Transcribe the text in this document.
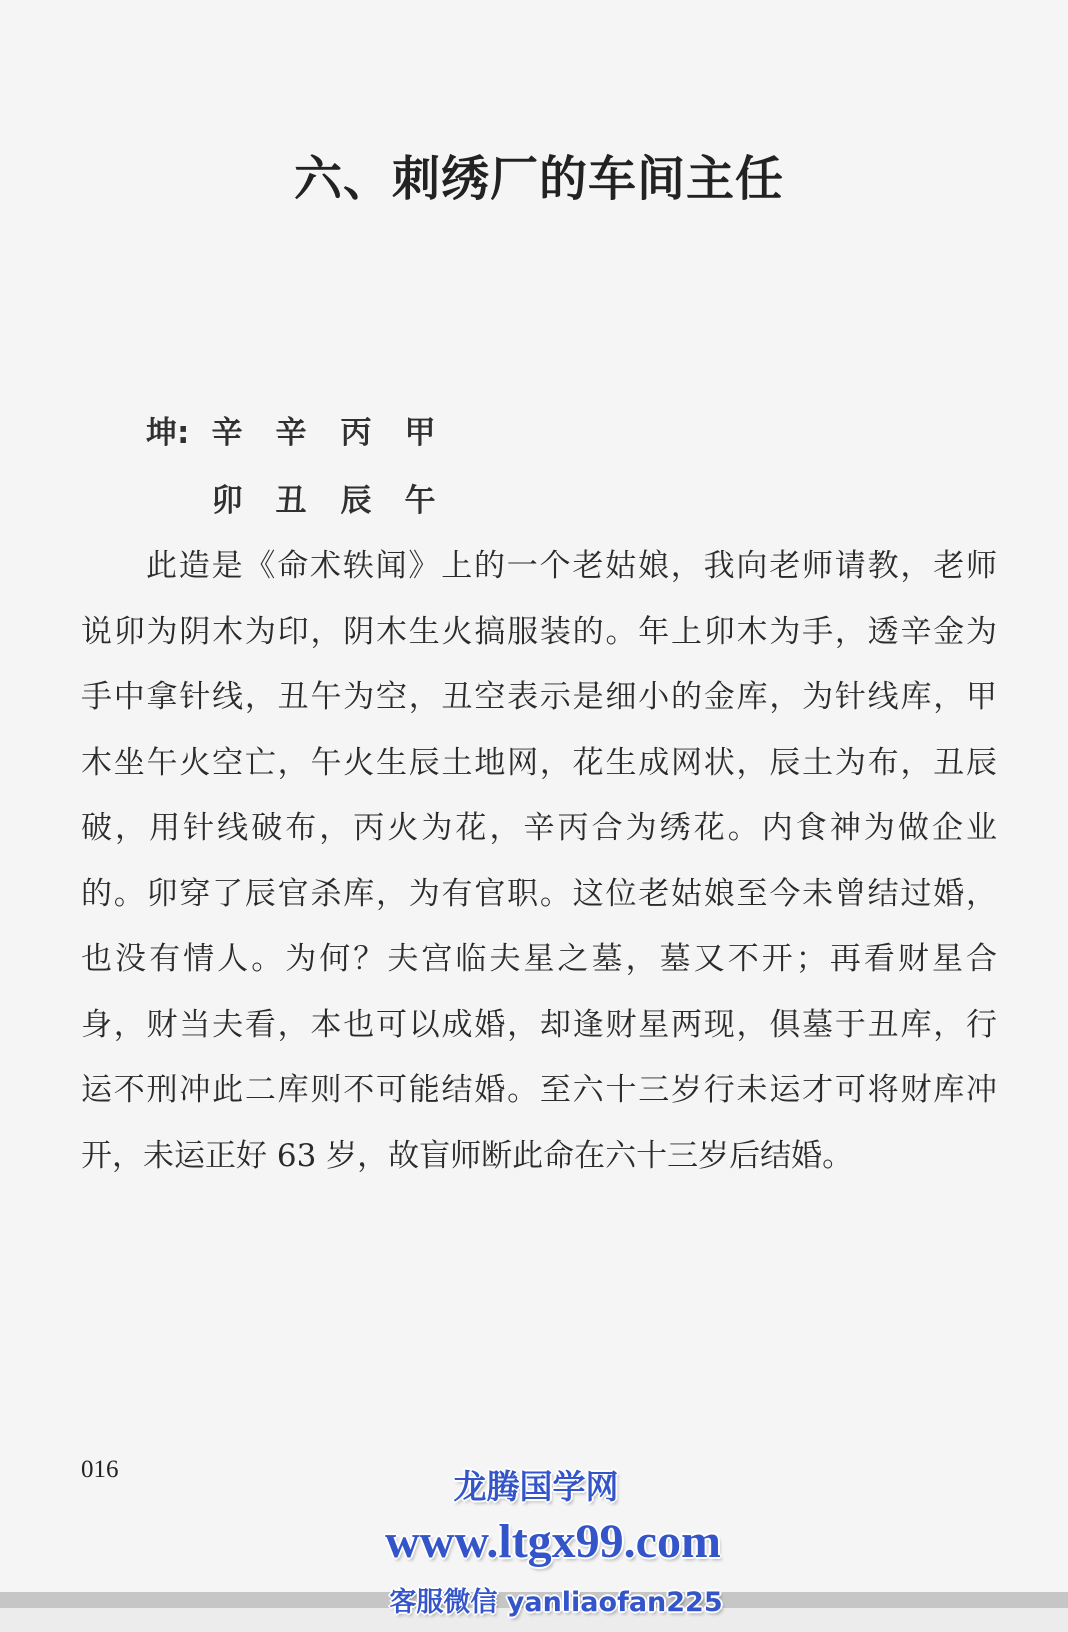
六、刺绣厂的车间主任
坤: 辛 辛 丙 甲
卯 丑 辰 午
此造是《命术轶闻》上的一个老姑娘，我向老师请教，老师
说卯为阴木为印，阴木生火搞服装的。年上卯木为手，透辛金为
手中拿针线，丑午为空，丑空表示是细小的金库，为针线库，甲
木坐午火空亡，午火生辰土地网，花生成网状，辰土为布，丑辰
破，用针线破布，丙火为花，辛丙合为绣花。内食神为做企业
的。卯穿了辰官杀库，为有官职。这位老姑娘至今未曾结过婚，
也没有情人。为何？夫宫临夫星之墓，墓又不开；再看财星合
身，财当夫看，本也可以成婚，却逢财星两现，俱墓于丑库，行
运不刑冲此二库则不可能结婚。至六十三岁行未运才可将财库冲
开，未运正好 63 岁，故盲师断此命在六十三岁后结婚。
016	龙腾国学网
www.ltgx99.com
客服微信 yanliaofan225
